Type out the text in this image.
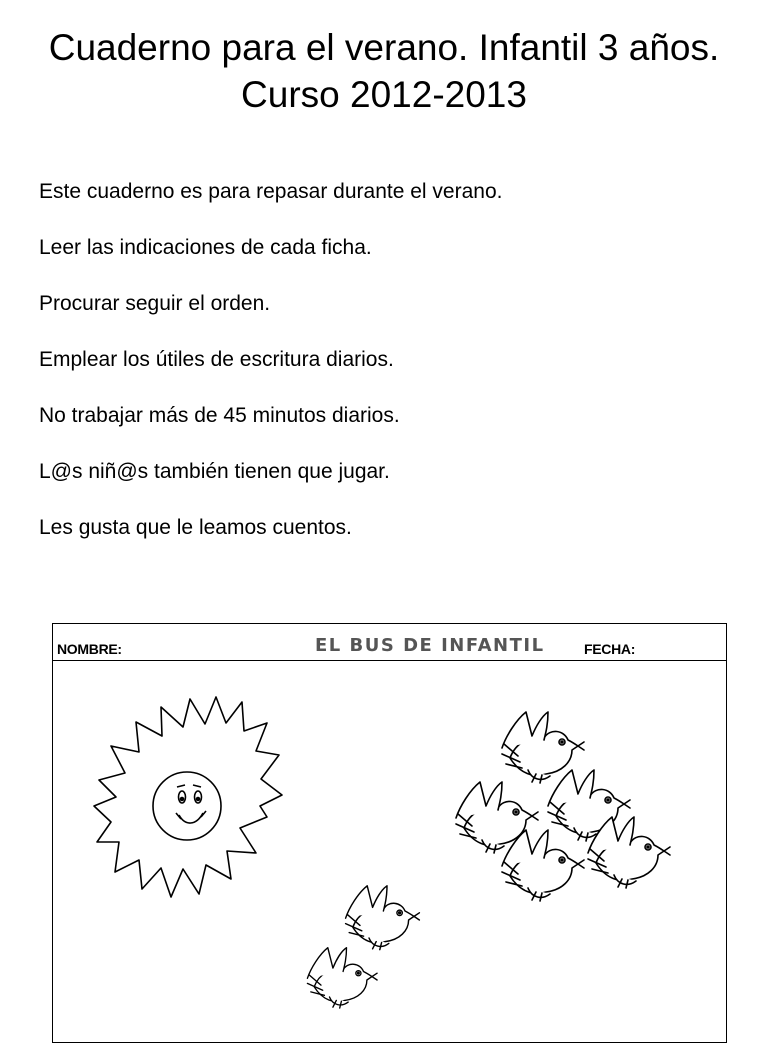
Cuaderno para el verano. Infantil 3 años. Curso 2012-2013
Este cuaderno es para repasar durante el verano.
Leer las indicaciones de cada ficha.
Procurar seguir el orden.
Emplear los útiles de escritura diarios.
No trabajar más de 45 minutos diarios.
L@s niñ@s también tienen que jugar.
Les gusta que le leamos cuentos.
NOMBRE:	EL BUS DE INFANTIL	FECHA:
